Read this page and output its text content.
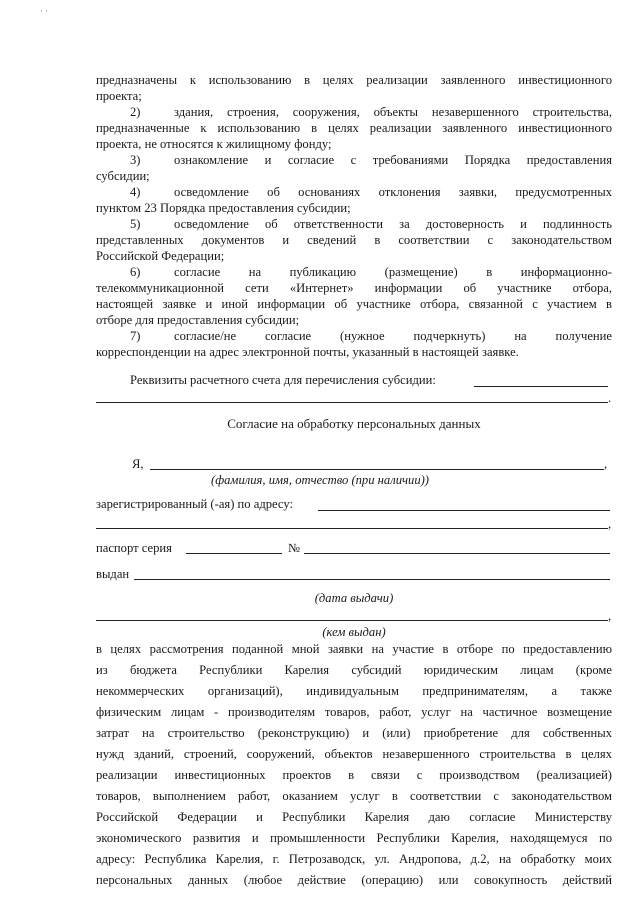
· ·
предназначены к использованию в целях реализации заявленного инвестиционного
проекта;
2)	здания, строения, сооружения, объекты незавершенного строительства,
предназначенные к использованию в целях реализации заявленного инвестиционного
проекта, не относятся к жилищному фонду;
3)	ознакомление и согласие с требованиями Порядка предоставления
субсидии;
4)	осведомление об основаниях отклонения заявки, предусмотренных
пунктом 23 Порядка предоставления субсидии;
5)	осведомление об ответственности за достоверность и подлинность
представленных документов и сведений в соответствии с законодательством
Российской Федерации;
6)	согласие на публикацию (размещение) в информационно-
телекоммуникационной сети «Интернет» информации об участнике отбора,
настоящей заявке и иной информации об участнике отбора, связанной с участием в
отборе для предоставления субсидии;
7)	согласие/не согласие (нужное подчеркнуть) на получение
корреспонденции на адрес электронной почты, указанный в настоящей заявке.
Реквизиты расчетного счета для перечисления субсидии:
.
Согласие на обработку персональных данных
Я,	,
(фамилия, имя, отчество (при наличии))
зарегистрированный (-ая) по адресу:
,
паспорт серия	№
выдан
(дата выдачи)
,
(кем выдан)
в целях рассмотрения поданной мной заявки на участие в отборе по предоставлению
из бюджета Республики Карелия субсидий юридическим лицам (кроме
некоммерческих организаций), индивидуальным предпринимателям, а также
физическим лицам - производителям товаров, работ, услуг на частичное возмещение
затрат на строительство (реконструкцию) и (или) приобретение для собственных
нужд зданий, строений, сооружений, объектов незавершенного строительства в целях
реализации инвестиционных проектов в связи с производством (реализацией)
товаров, выполнением работ, оказанием услуг в соответствии с законодательством
Российской Федерации и Республики Карелия даю согласие Министерству
экономического развития и промышленности Республики Карелия, находящемуся по
адресу: Республика Карелия, г. Петрозаводск, ул. Андропова, д.2, на обработку моих
персональных данных (любое действие (операцию) или совокупность действий
